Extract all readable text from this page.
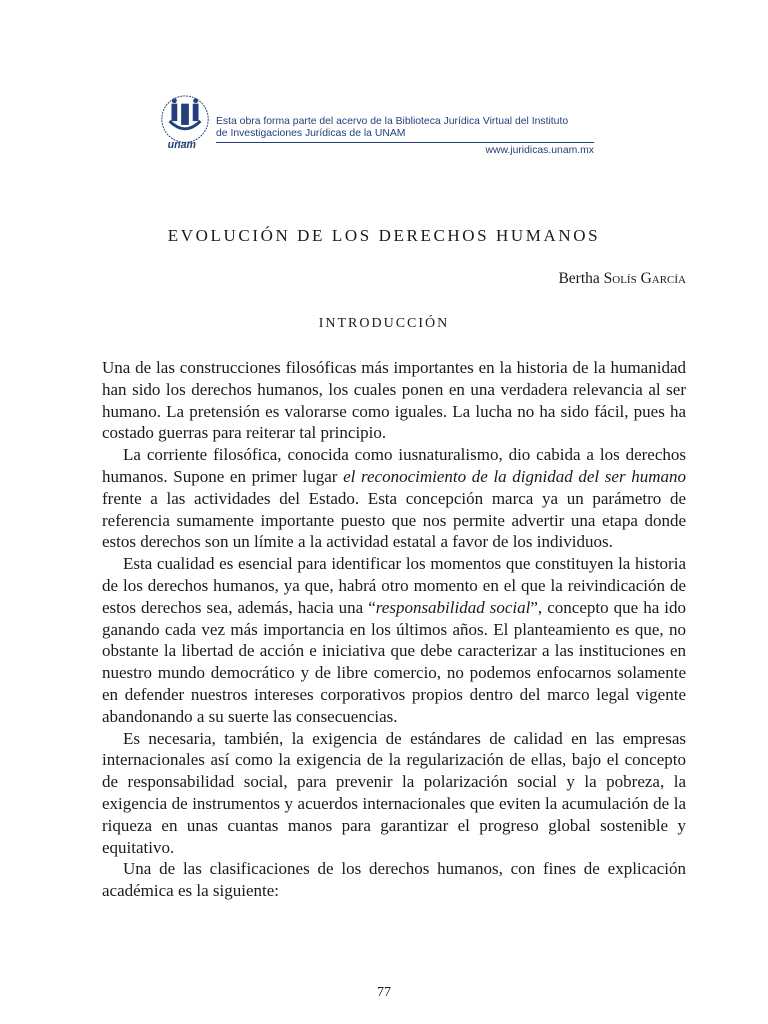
unam
Esta obra forma parte del acervo de la Biblioteca Jurídica Virtual del Instituto
de Investigaciones Jurídicas de la UNAM
www.juridicas.unam.mx
EVOLUCIÓN DE LOS DERECHOS HUMANOS
Bertha Solís García
INTRODUCCIÓN

Una de las construcciones filosóficas más importantes en la historia de la humanidad han sido los derechos humanos, los cuales ponen en una verdadera relevancia al ser humano. La pretensión es valorarse como iguales. La lucha no ha sido fácil, pues ha costado guerras para reiterar tal principio.

La corriente filosófica, conocida como iusnaturalismo, dio cabida a los derechos humanos. Supone en primer lugar el reconocimiento de la dignidad del ser humano frente a las actividades del Estado. Esta concepción marca ya un parámetro de referencia sumamente importante puesto que nos permite advertir una etapa donde estos derechos son un límite a la actividad estatal a favor de los individuos.

Esta cualidad es esencial para identificar los momentos que constituyen la historia de los derechos humanos, ya que, habrá otro momento en el que la reivindicación de estos derechos sea, además, hacia una “responsabilidad social”, concepto que ha ido ganando cada vez más importancia en los últimos años. El planteamiento es que, no obstante la libertad de acción e iniciativa que debe caracterizar a las instituciones en nuestro mundo democrático y de libre comercio, no podemos enfocarnos solamente en defender nuestros intereses corporativos propios dentro del marco legal vigente abandonando a su suerte las consecuencias.

Es necesaria, también, la exigencia de estándares de calidad en las empresas internacionales así como la exigencia de la regularización de ellas, bajo el concepto de responsabilidad social, para prevenir la polarización social y la pobreza, la exigencia de instrumentos y acuerdos internacionales que eviten la acumulación de la riqueza en unas cuantas manos para garantizar el progreso global sostenible y equitativo.

Una de las clasificaciones de los derechos humanos, con fines de explicación académica es la siguiente:

77
